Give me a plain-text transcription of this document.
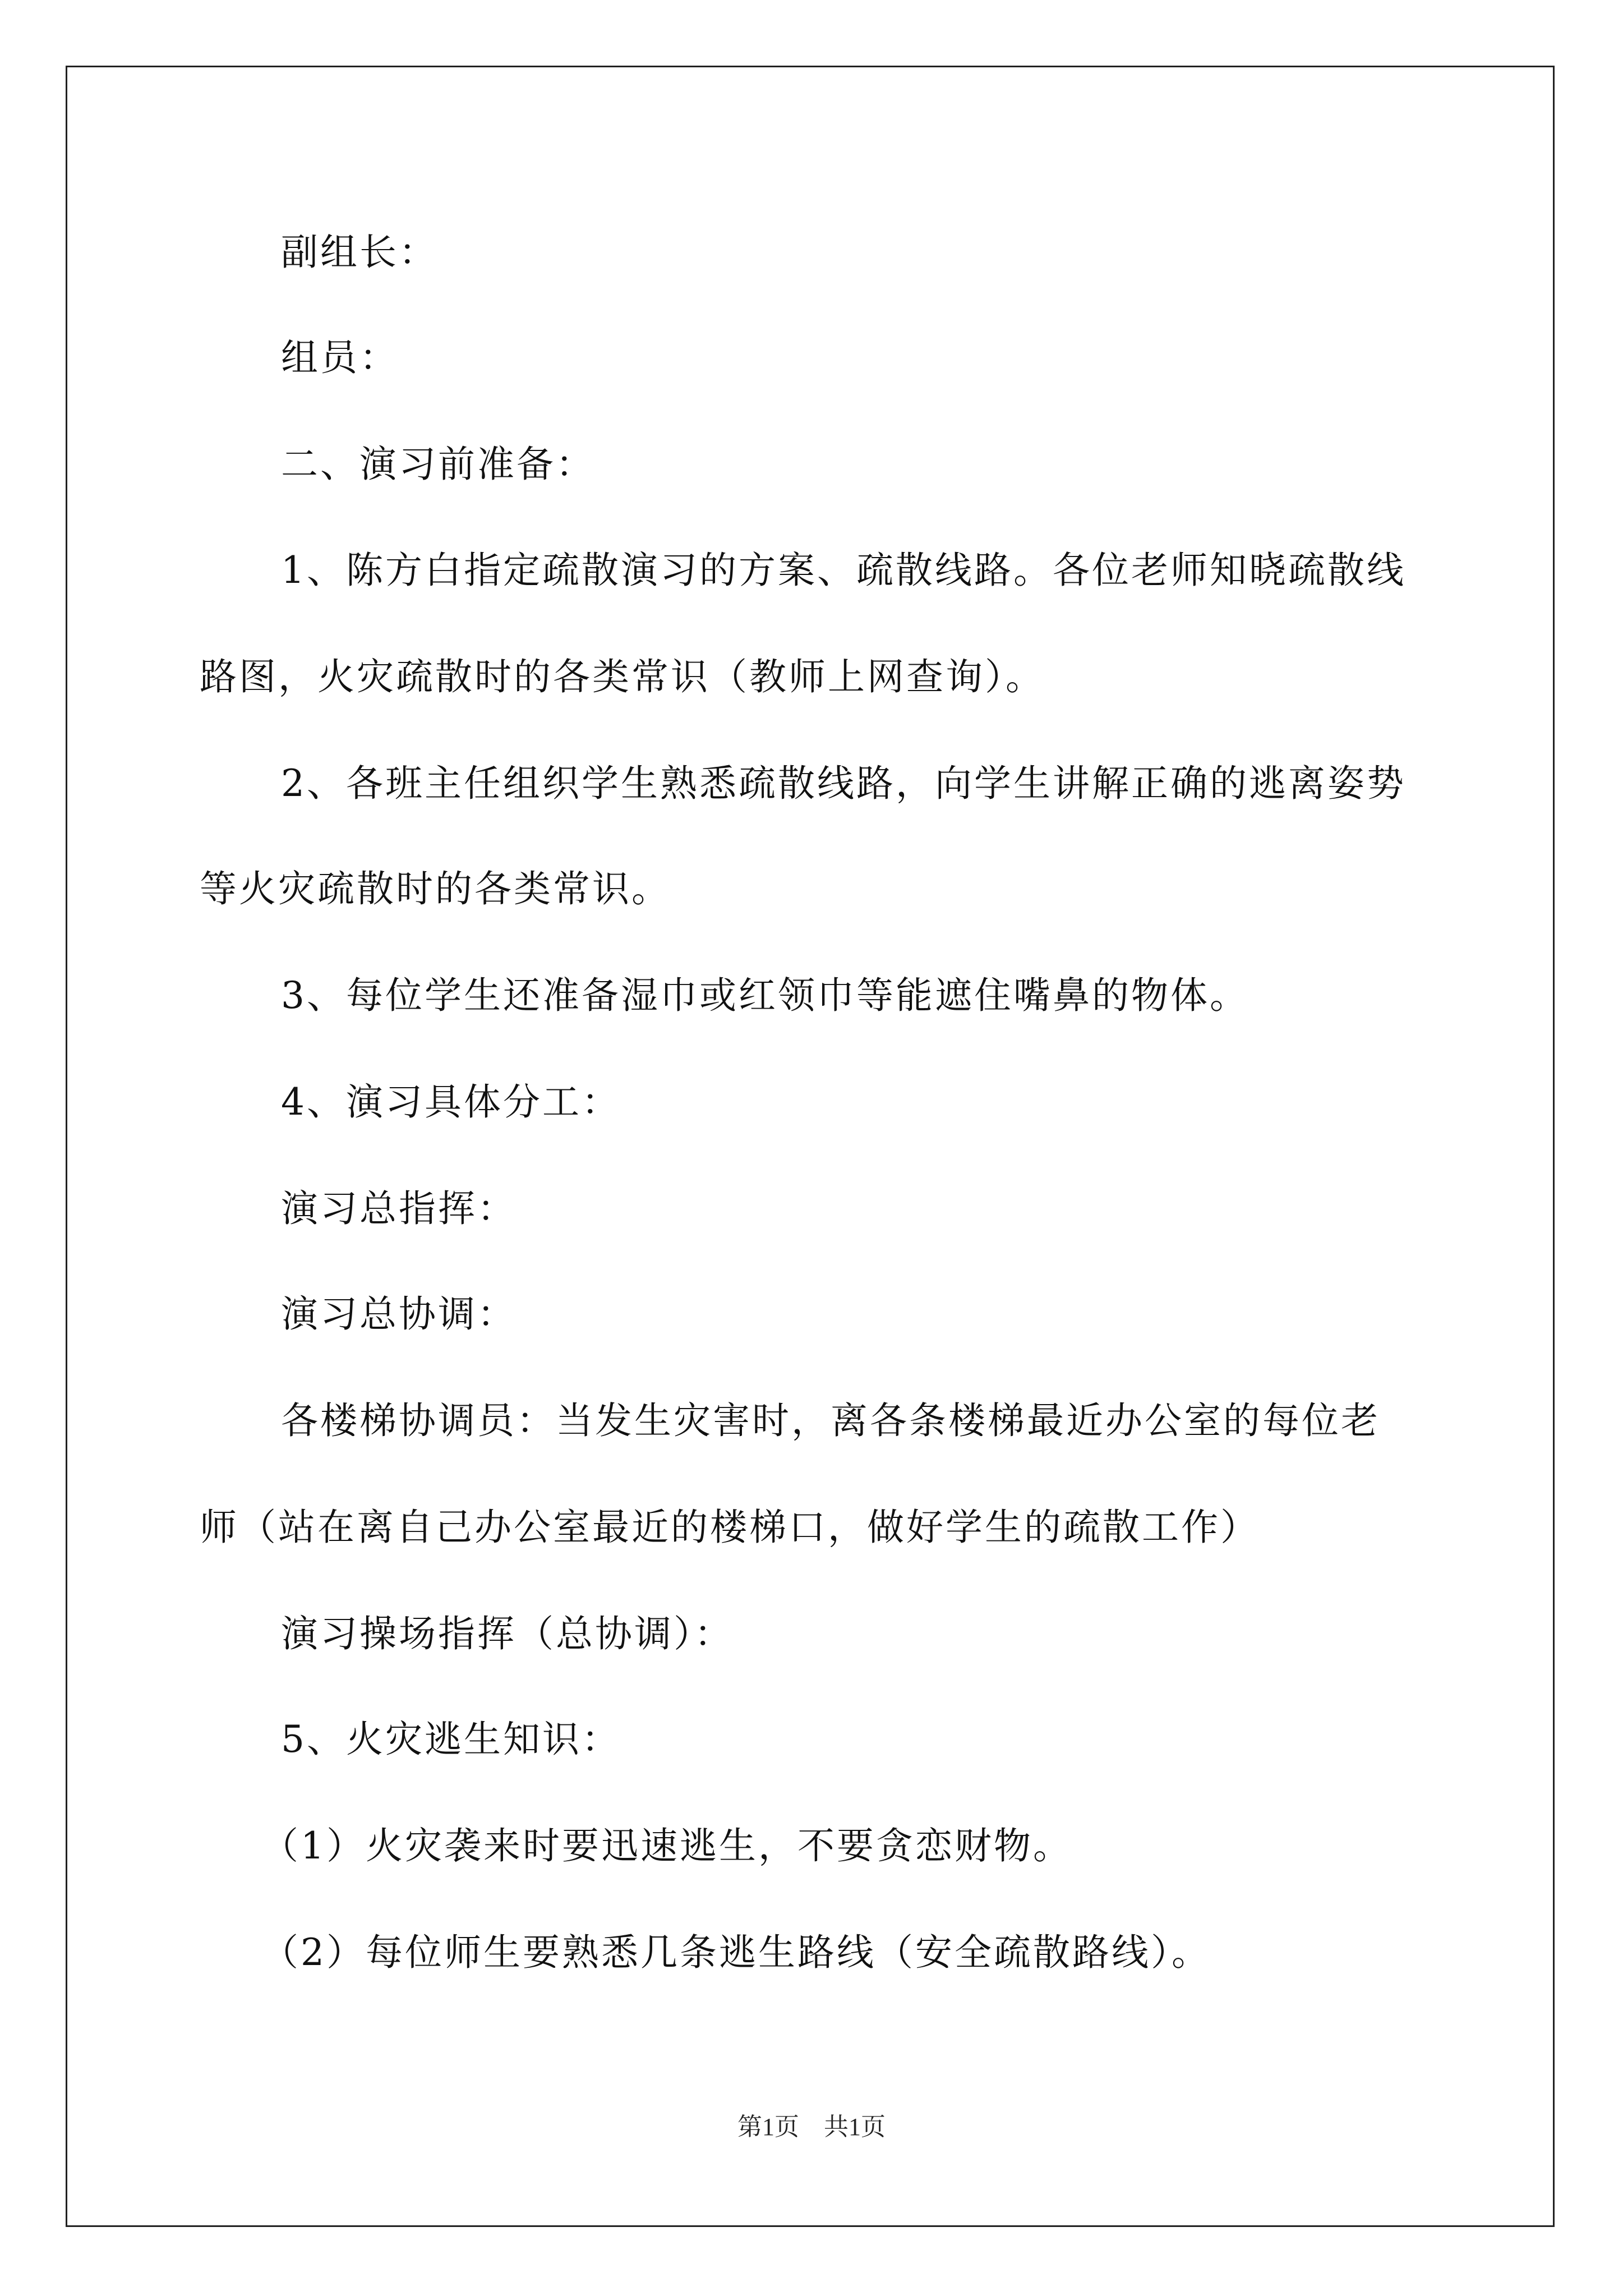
副组长：
组员：
二、演习前准备：
1、陈方白指定疏散演习的方案、疏散线路。各位老师知晓疏散线
路图，火灾疏散时的各类常识（教师上网查询）。
2、各班主任组织学生熟悉疏散线路，向学生讲解正确的逃离姿势
等火灾疏散时的各类常识。
3、每位学生还准备湿巾或红领巾等能遮住嘴鼻的物体。
4、演习具体分工：
演习总指挥：
演习总协调：
各楼梯协调员：当发生灾害时，离各条楼梯最近办公室的每位老
师（站在离自己办公室最近的楼梯口，做好学生的疏散工作）
演习操场指挥（总协调）：
5、火灾逃生知识：
（1）火灾袭来时要迅速逃生，不要贪恋财物。
（2）每位师生要熟悉几条逃生路线（安全疏散路线）。
第1页　共1页
